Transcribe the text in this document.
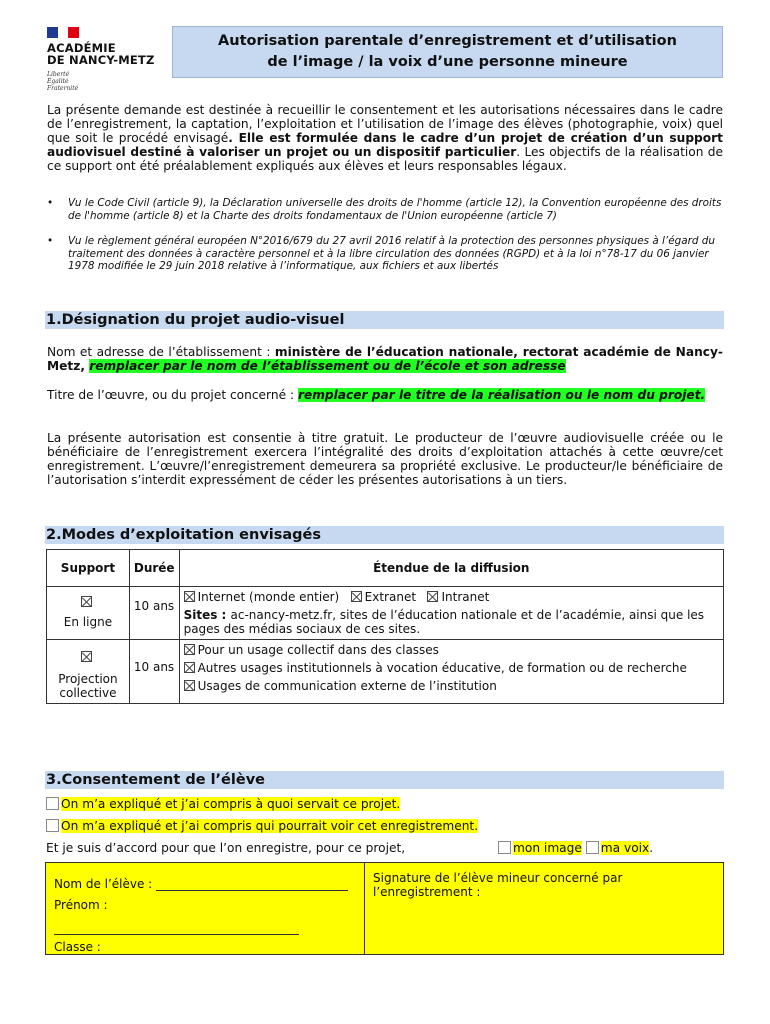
ACADÉMIE
DE NANCY-METZ
Liberté
Égalité
Fraternité
Autorisation parentale d’enregistrement et d’utilisation
de l’image / la voix d’une personne mineure
La présente demande est destinée à recueillir le consentement et les autorisations nécessaires dans le cadre de l’enregistrement, la captation, l’exploitation et l’utilisation de l’image des élèves (photographie, voix) quel que soit le procédé envisagé. Elle est formulée dans le cadre d’un projet de création d’un support audiovisuel destiné à valoriser un projet ou un dispositif particulier. Les objectifs de la réalisation de ce support ont été préalablement expliqués aux élèves et leurs responsables légaux.
• Vu le Code Civil (article 9), la Déclaration universelle des droits de l'homme (article 12), la Convention européenne des droits de l'homme (article 8) et la Charte des droits fondamentaux de l'Union européenne (article 7)
• Vu le règlement général européen N°2016/679 du 27 avril 2016 relatif à la protection des personnes physiques à l’égard du traitement des données à caractère personnel et à la libre circulation des données (RGPD) et à la loi n°78-17 du 06 janvier 1978 modifiée le 29 juin 2018 relative à l’informatique, aux fichiers et aux libertés
1.Désignation du projet audio-visuel
Nom et adresse de l’établissement : ministère de l’éducation nationale, rectorat académie de Nancy-Metz, remplacer par le nom de l’établissement ou de l’école et son adresse
Titre de l’œuvre, ou du projet concerné : remplacer par le titre de la réalisation ou le nom du projet.
La présente autorisation est consentie à titre gratuit. Le producteur de l’œuvre audiovisuelle créée ou le bénéficiaire de l’enregistrement exercera l’intégralité des droits d’exploitation attachés à cette œuvre/cet enregistrement. L’œuvre/l’enregistrement demeurera sa propriété exclusive. Le producteur/le bénéficiaire de l’autorisation s’interdit expressément de céder les présentes autorisations à un tiers.
2.Modes d’exploitation envisagés
Support	Durée	Étendue de la diffusion

En ligne	10 ans	Internet (monde entier) Extranet Intranet
Sites : ac-nancy-metz.fr, sites de l’éducation nationale et de l’académie, ainsi que les pages des médias sociaux de ces sites.

Projection collective	10 ans	Pour un usage collectif dans des classes
Autres usages institutionnels à vocation éducative, de formation ou de recherche
Usages de communication externe de l’institution
3.Consentement de l’élève
On m’a expliqué et j’ai compris à quoi servait ce projet.
On m’a expliqué et j’ai compris qui pourrait voir cet enregistrement.
Et je suis d’accord pour que l’on enregistre, pour ce projet,	mon image ma voix.
Nom de l’élève :
Prénom :
Classe :
Signature de l’élève mineur concerné par l’enregistrement :
